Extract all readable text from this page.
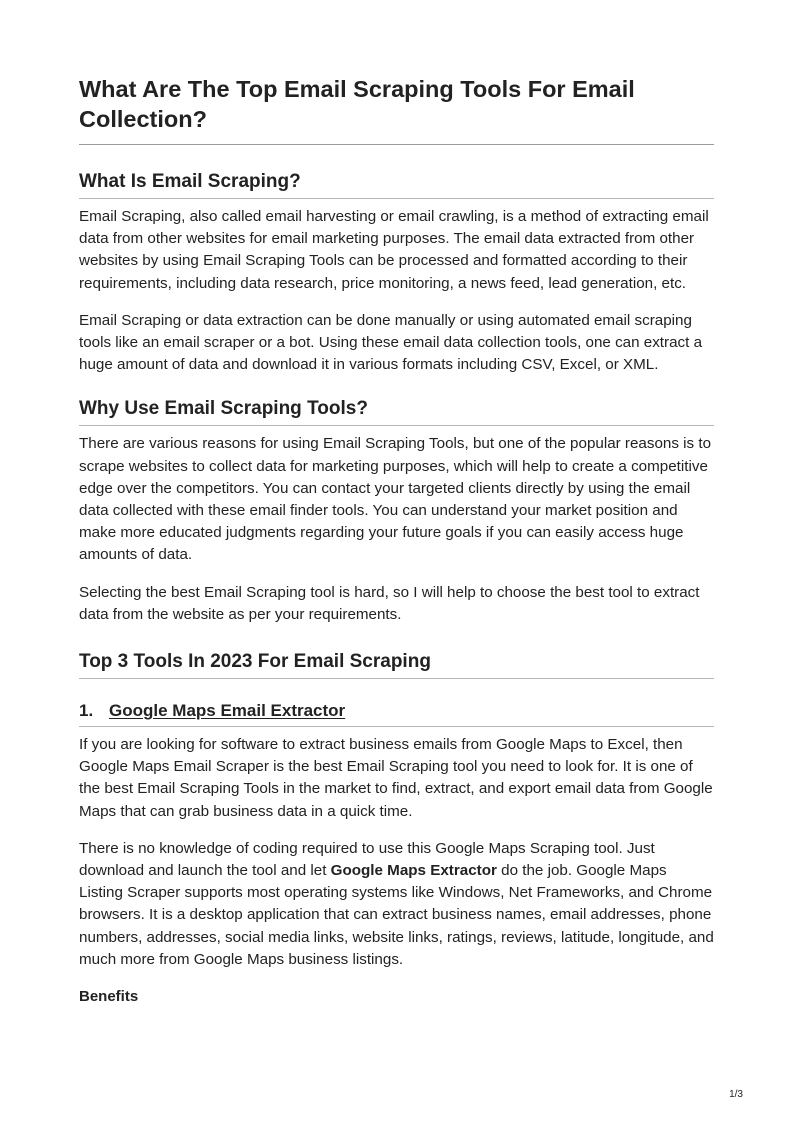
What Are The Top Email Scraping Tools For Email Collection?
What Is Email Scraping?

Email Scraping, also called email harvesting or email crawling, is a method of extracting email data from other websites for email marketing purposes. The email data extracted from other websites by using Email Scraping Tools can be processed and formatted according to their requirements, including data research, price monitoring, a news feed, lead generation, etc.

Email Scraping or data extraction can be done manually or using automated email scraping tools like an email scraper or a bot. Using these email data collection tools, one can extract a huge amount of data and download it in various formats including CSV, Excel, or XML.

Why Use Email Scraping Tools?

There are various reasons for using Email Scraping Tools, but one of the popular reasons is to scrape websites to collect data for marketing purposes, which will help to create a competitive edge over the competitors. You can contact your targeted clients directly by using the email data collected with these email finder tools. You can understand your market position and make more educated judgments regarding your future goals if you can easily access huge amounts of data.

Selecting the best Email Scraping tool is hard, so I will help to choose the best tool to extract data from the website as per your requirements.

Top 3 Tools In 2023 For Email Scraping
1. Google Maps Email Extractor

If you are looking for software to extract business emails from Google Maps to Excel, then Google Maps Email Scraper is the best Email Scraping tool you need to look for. It is one of the best Email Scraping Tools in the market to find, extract, and export email data from Google Maps that can grab business data in a quick time.

There is no knowledge of coding required to use this Google Maps Scraping tool. Just download and launch the tool and let Google Maps Extractor do the job. Google Maps Listing Scraper supports most operating systems like Windows, Net Frameworks, and Chrome browsers. It is a desktop application that can extract business names, email addresses, phone numbers, addresses, social media links, website links, ratings, reviews, latitude, longitude, and much more from Google Maps business listings.

Benefits
1/3
